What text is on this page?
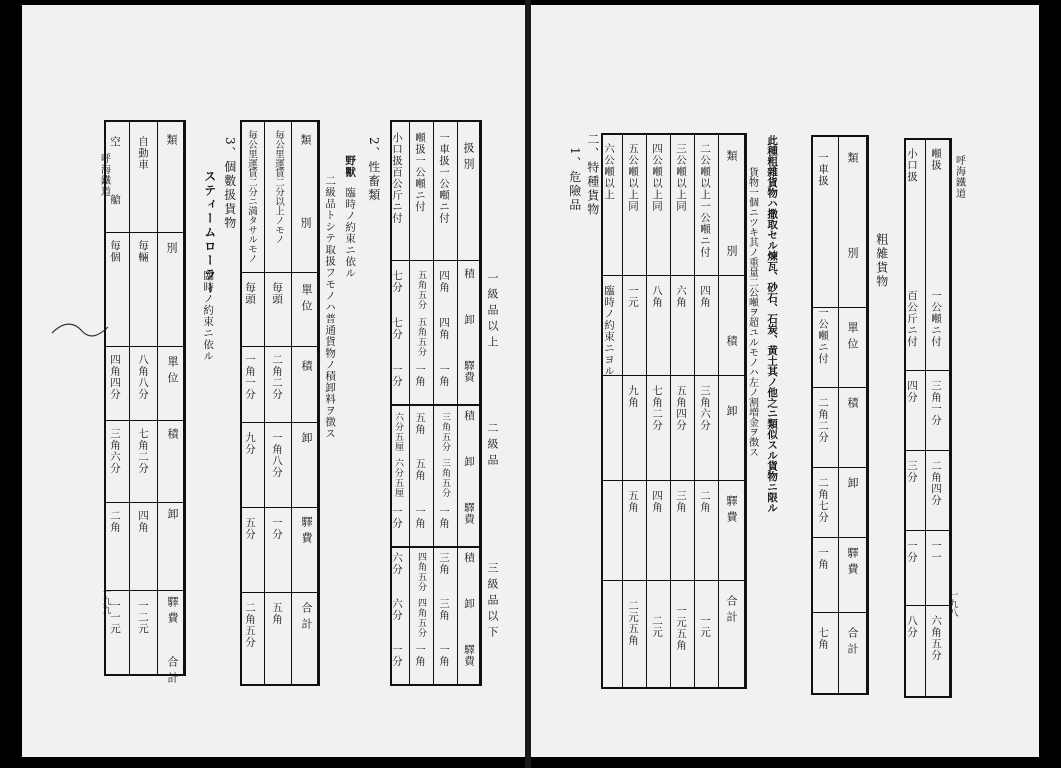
一九九
呼海鐵道
類
別
自動車
毎輛
八角八分
七角二分
四角
一二元
空
艙
毎個
四角四分
三角六分
二角
一一元
單位
積
卸
驛費
合計
3、個數扱貨物
スティームローラー
臨時ノ約束ニ依ル
類
別
毎公里運賃二分以上ノモノ
毎頭
二角二分
一角八分
一分
五角
毎公里運賃二分ニ満タサルモノ
毎頭
一角一分
九分
五分
二角五分
單位
積
卸
驛費
合計
2、性畜類
野獸
臨時ノ約束ニ依ル
二級品トシテ取扱フモノハ普通貨物ノ積卸料ヲ徴ス
扱別
一車扱一公噸ニ付
四角
四角
一角
三角五分
三角五分
一角
三角
三角
一角
噸扱一公噸ニ付
五角五分
五角五分
一角
五角
五角
一角
四角五分
四角五分
一角
小口扱百公斤ニ付
七分
七分
一分
六分五厘
六分五厘
一分
六分
六分
一分
積
卸
驛費
積
卸
驛費
積
卸
驛費
一級品以上
二級品
三級品以下	一九八
呼海鐵道
噸扱
一公噸ニ付
三角一分
二角四分
一一
六角五分
小口扱
百公斤ニ付
四分
三分
一分
八分
粗雑貨物
類
別
單位
積
卸
驛費
合計
一車扱
一公噸ニ付
二角二分
二角七分
一角
七角
此種粗雜貨物ハ撒取セル煉瓦、砂石、石炭、黄土其ノ他之ニ類似スル貨物ニ限ル
貨物一個ニツキ其ノ重量二公噸ヲ超ユルモノハ左ノ割増金ヲ徴ス
類
別
積
卸
驛費
合計
二公噸以上一公噸ニ付
四角
三角六分
二角
一元
三公噸以上同
六角
五角四分
三角
一元五角
四公噸以上同
八角
七角二分
四角
二元
五公噸以上同
一元
九角
五角
二元五角
六公噸以上
臨時ノ約束ニヨル
二、特種貨物
1、危險品
